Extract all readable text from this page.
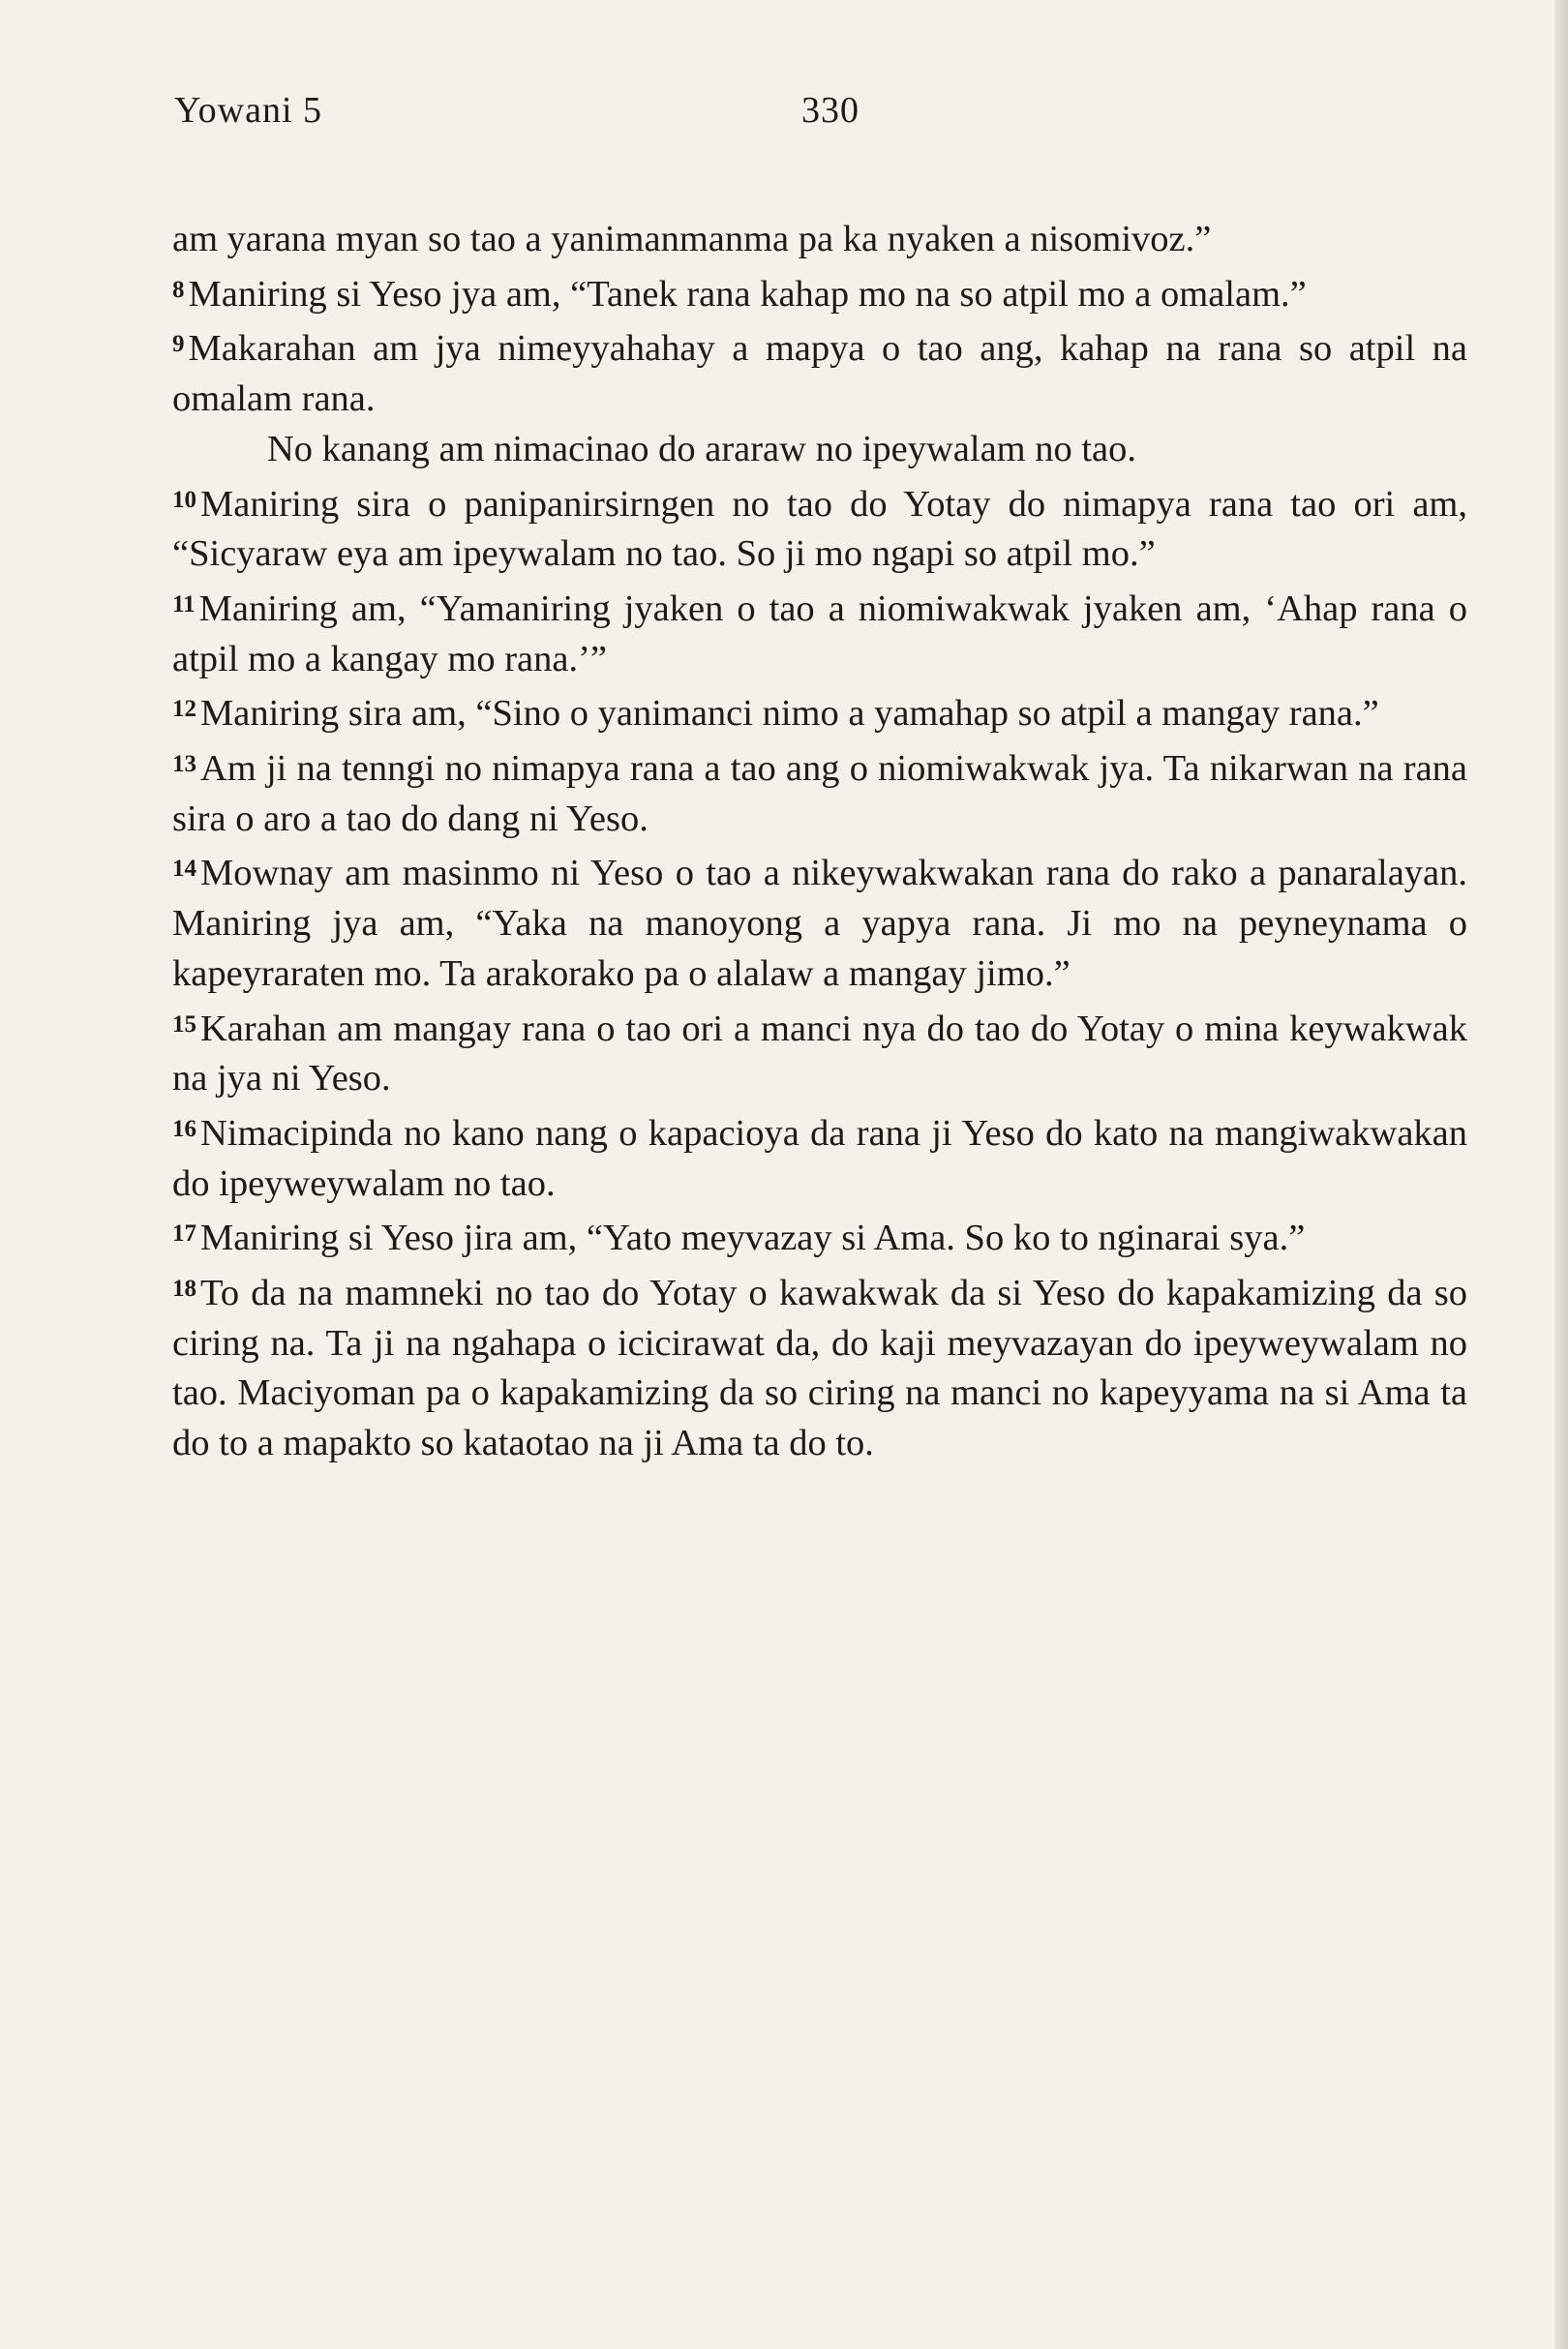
Yowani 5	330

am yarana myan so tao a yanimanmanma pa ka nyaken a nisomivoz.”

$^8$ Maniring si Yeso jya am, “Tanek rana kahap mo na so atpil mo a omalam.”

$^9$ Makarahan am jya nimeyyahahay a mapya o tao ang, kahap na rana so atpil na omalam rana.

No kanang am nimacinao do araraw no ipeywalam no tao.

$^{10}$ Maniring sira o panipanirsirngen no tao do Yotay do nimapya rana tao ori am, “Sicyaraw eya am ipeywalam no tao. So ji mo ngapi so atpil mo.”

$^{11}$ Maniring am, “Yamaniring jyaken o tao a niomiwakwak jyaken am, ‘Ahap rana o atpil mo a kangay mo rana.’”

$^{12}$ Maniring sira am, “Sino o yanimanci nimo a yamahap so atpil a mangay rana.”

$^{13}$ Am ji na tenngi no nimapya rana a tao ang o niomiwakwak jya. Ta nikarwan na rana sira o aro a tao do dang ni Yeso.

$^{14}$ Mownay am masinmo ni Yeso o tao a nikeywakwakan rana do rako a panaralayan. Maniring jya am, “Yaka na manoyong a yapya rana. Ji mo na peyneynama o kapeyraraten mo. Ta arakorako pa o alalaw a mangay jimo.”

$^{15}$ Karahan am mangay rana o tao ori a manci nya do tao do Yotay o mina keywakwak na jya ni Yeso.

$^{16}$ Nimacipinda no kano nang o kapacioya da rana ji Yeso do kato na mangiwakwakan do ipeyweywalam no tao.

$^{17}$ Maniring si Yeso jira am, “Yato meyvazay si Ama. So ko to nginarai sya.”

$^{18}$ To da na mamneki no tao do Yotay o kawakwak da si Yeso do kapakamizing da so ciring na. Ta ji na ngahapa o icicirawat da, do kaji meyvazayan do ipeyweywalam no tao. Maciyoman pa o kapakamizing da so ciring na manci no kapeyyama na si Ama ta do to a mapakto so kataotao na ji Ama ta do to.
